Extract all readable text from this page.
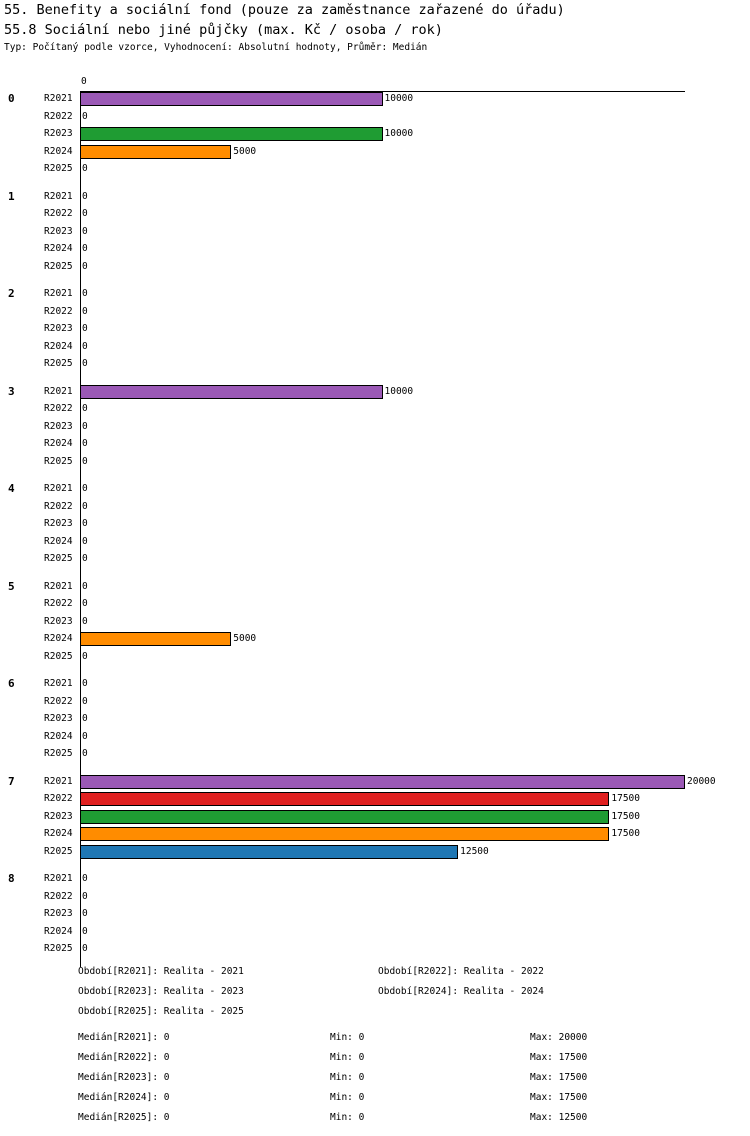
55. Benefity a sociální fond (pouze za zaměstnance zařazené do úřadu)
55.8 Sociální nebo jiné půjčky (max. Kč / osoba / rok)
Typ: Počítaný podle vzorce, Vyhodnocení: Absolutní hodnoty, Průměr: Medián
0
0	R2021	10000
R2022 0
R2023	10000
R2024	5000
R2025 0
1	R2021 0
R2022 0
R2023 0
R2024 0
R2025 0
2	R2021 0
R2022 0
R2023 0
R2024 0
R2025 0
3	R2021	10000
R2022 0
R2023 0
R2024 0
R2025 0
4	R2021 0
R2022 0
R2023 0
R2024 0
R2025 0
5	R2021 0
R2022 0
R2023 0
R2024	5000
R2025 0
6	R2021 0
R2022 0
R2023 0
R2024 0
R2025 0
7	R2021	20000
R2022	17500
R2023	17500
R2024	17500
R2025	12500
8	R2021 0
R2022 0
R2023 0
R2024 0
R2025 0
Období[R2021]: Realita - 2021	Období[R2022]: Realita - 2022
Období[R2023]: Realita - 2023	Období[R2024]: Realita - 2024
Období[R2025]: Realita - 2025
Medián[R2021]: 0	Min: 0	Max: 20000
Medián[R2022]: 0	Min: 0	Max: 17500
Medián[R2023]: 0	Min: 0	Max: 17500
Medián[R2024]: 0	Min: 0	Max: 17500
Medián[R2025]: 0	Min: 0	Max: 12500
